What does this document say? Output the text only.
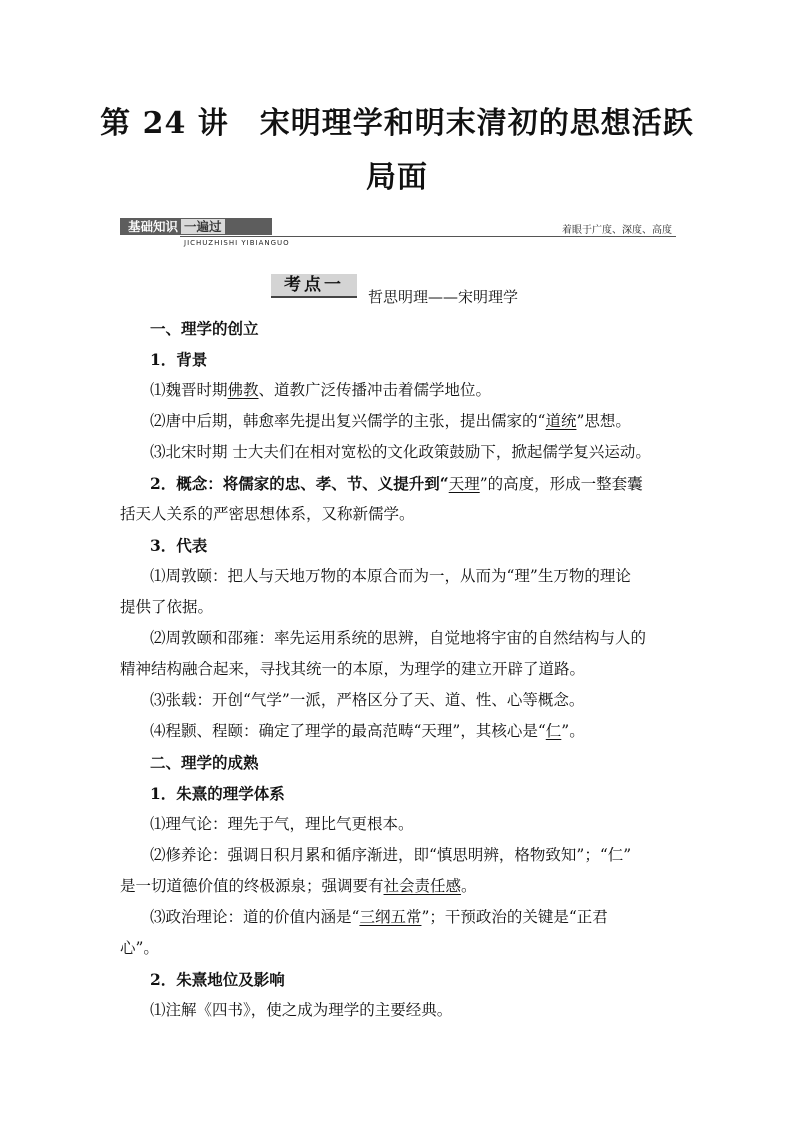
第 24 讲　宋明理学和明末清初的思想活跃
局面
基础知识 一遍过
JICHUZHISHI YIBIANGUO
着眼于广度、深度、高度
考点一
哲思明理——宋明理学
一、理学的创立
1．背景
⑴魏晋时期佛教、道教广泛传播冲击着儒学地位。
⑵唐中后期，韩愈率先提出复兴儒学的主张，提出儒家的“道统”思想。
⑶北宋时期 士大夫们在相对宽松的文化政策鼓励下，掀起儒学复兴运动。
2．概念：将儒家的忠、孝、节、义提升到“天理”的高度，形成一整套囊
括天人关系的严密思想体系，又称新儒学。
3．代表
⑴周敦颐：把人与天地万物的本原合而为一，从而为“理”生万物的理论
提供了依据。
⑵周敦颐和邵雍：率先运用系统的思辨，自觉地将宇宙的自然结构与人的
精神结构融合起来，寻找其统一的本原，为理学的建立开辟了道路。
⑶张载：开创“气学”一派，严格区分了天、道、性、心等概念。
⑷程颢、程颐：确定了理学的最高范畴“天理”，其核心是“仁”。
二、理学的成熟
1．朱熹的理学体系
⑴理气论：理先于气，理比气更根本。
⑵修养论：强调日积月累和循序渐进，即“慎思明辨，格物致知”；“仁”
是一切道德价值的终极源泉；强调要有社会责任感。
⑶政治理论：道的价值内涵是“三纲五常”；干预政治的关键是“正君
心”。
2．朱熹地位及影响
⑴注解《四书》，使之成为理学的主要经典。
